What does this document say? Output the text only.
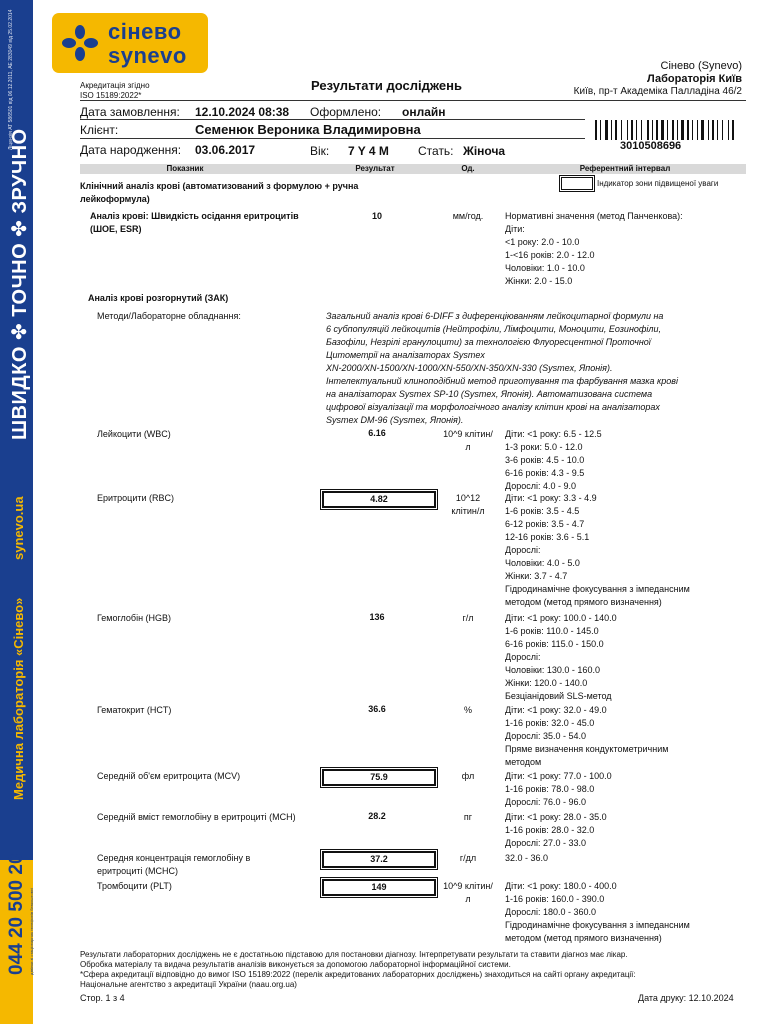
Ліцензія АТ 586501 від 06.12.2011, АЕ 283049 від 25.02.2014
ШВИДКО ✤ ТОЧНО ✤ ЗРУЧНО
synevo.ua
Медична лабораторія «Сінево»
044 20 500 20 дзвінки зі стаціонарних телефонів безкоштовні
сінево
synevo
Акредитація згідно
ISO 15189:2022*
Результати досліджень
Сінево (Synevo)
Лабораторія Київ
Київ, пр-т Академіка Палладіна 46/2
Дата замовлення: 12.10.2024 08:38 Оформлено: онлайн
Клієнт:	Семенюк Вероника Владимировна
Дата народження: 03.06.2017	Вік: 7 Y 4 M Стать: Жіноча	3010508696
Показник	Результат	Од.	Референтний інтервал
Клінічний аналіз крові (автоматизований з формулою + ручна лейкоформула)
Індикатор зони підвищеної уваги
Аналіз крові: Швидкість осідання еритроцитів (ШОЕ, ESR)
10	мм/год.	Нормативні значення (метод Панченкова):
Діти:
<1 року: 2.0 - 10.0
1-<16 років: 2.0 - 12.0
Чоловіки: 1.0 - 10.0
Жінки: 2.0 - 15.0
Аналіз крові розгорнутий (ЗАК)
Методи/Лабораторне обладнання:	Загальний аналіз крові 6-DIFF з диференціюванням лейкоцитарної формули на
6 субпопуляцій лейкоцитів (Нейтрофіли, Лімфоцити, Моноцити, Еозинофіли,
Базофіли, Незрілі гранулоцити) за технологією Флуоресцентної Проточної
Цитометрії на аналізаторах Sysmex
XN-2000/XN-1500/XN-1000/XN-550/XN-350/XN-330 (Sysmex, Японія).
Інтелектуальний клиноподібний метод приготування та фарбування мазка крові
на аналізаторах Sysmex SP-10 (Sysmex, Японія). Автоматизована система
цифрової візуалізації та морфологічного аналізу клітин крові на аналізаторах
Sysmex DM-96 (Sysmex, Японія).
Лейкоцити (WBC)	6.16	10^9 клітин/л
Діти: <1 року: 6.5 - 12.5
1-3 роки: 5.0 - 12.0
3-6 років: 4.5 - 10.0
6-16 років: 4.3 - 9.5
Дорослі: 4.0 - 9.0
Еритроцити (RBC)	4.82	10^12 клітин/л
Діти: <1 року: 3.3 - 4.9
1-6 років: 3.5 - 4.5
6-12 років: 3.5 - 4.7
12-16 років: 3.6 - 5.1
Дорослі:
Чоловіки: 4.0 - 5.0
Жінки: 3.7 - 4.7
Гідродинамічне фокусування з імпедансним
методом (метод прямого визначення)
Гемоглобін (HGB)	136	г/л	Діти: <1 року: 100.0 - 140.0
1-6 років: 110.0 - 145.0
6-16 років: 115.0 - 150.0
Дорослі:
Чоловіки: 130.0 - 160.0
Жінки: 120.0 - 140.0
Безціанідовий SLS-метод
Гематокрит (HCT)	36.6	%	Діти: <1 року: 32.0 - 49.0
1-16 років: 32.0 - 45.0
Дорослі: 35.0 - 54.0
Пряме визначення кондуктометричним
методом
Середній об'єм еритроцита (MCV)	75.9	фл	Діти: <1 року: 77.0 - 100.0
1-16 років: 78.0 - 98.0
Дорослі: 76.0 - 96.0
Середній вміст гемоглобіну в еритроциті (MCH)	28.2	пг	Діти: <1 року: 28.0 - 35.0
1-16 років: 28.0 - 32.0
Дорослі: 27.0 - 33.0
Середня концентрація гемоглобіну в еритроциті (MCHC)
37.2	г/дл	32.0 - 36.0
Тромбоцити (PLT)	149	10^9 клітин/л
Діти: <1 року: 180.0 - 400.0
1-16 років: 160.0 - 390.0
Дорослі: 180.0 - 360.0
Гідродинамічне фокусування з імпедансним
методом (метод прямого визначення)
Результати лабораторних досліджень не є достатньою підставою для постановки діагнозу. Інтерпретувати результати та ставити діагноз має лікар.
Обробка матеріалу та видача результатів аналізів виконується за допомогою лабораторної інформаційної системи.
*Сфера акредитації відповідно до вимог ISO 15189:2022 (перелік акредитованих лабораторних досліджень) знаходиться на сайті органу акредитації:
Національне агентство з акредитації України (naau.org.ua)
Стор. 1 з 4	Дата друку: 12.10.2024
